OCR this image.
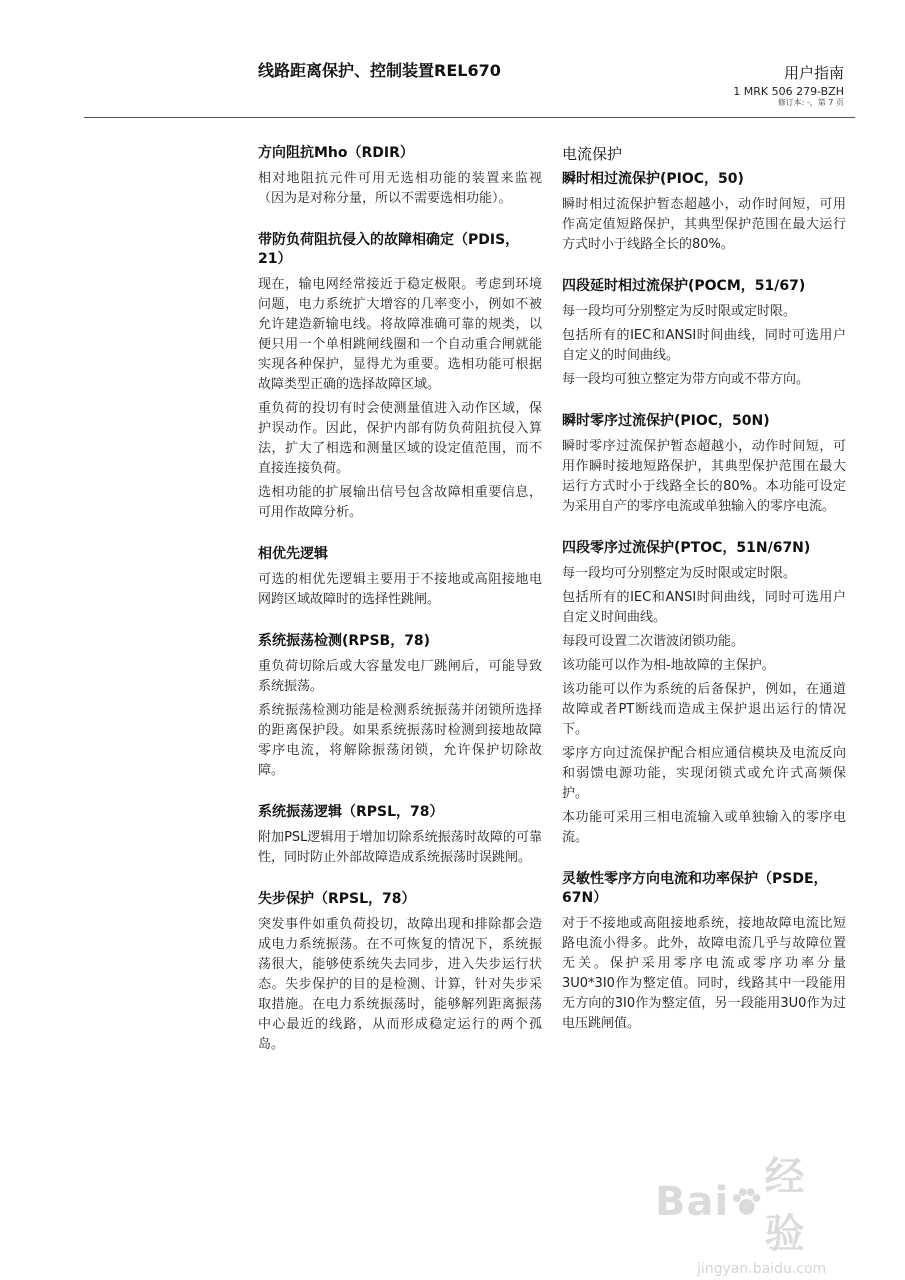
线路距离保护、控制装置REL670	用户指南
1 MRK 506 279-BZH
修订本: -，第 7 页
方向阻抗Mho（RDIR）

相对地阻抗元件可用无选相功能的装置来监视（因为是对称分量，所以不需要选相功能）。

带防负荷阻抗侵入的故障相确定（PDIS，21）

现在，输电网经常接近于稳定极限。考虑到环境问题，电力系统扩大增容的几率变小，例如不被允许建造新输电线。将故障准确可靠的规类，以便只用一个单相跳闸线圈和一个自动重合闸就能实现各种保护，显得尤为重要。选相功能可根据故障类型正确的选择故障区域。

重负荷的投切有时会使测量值进入动作区域，保护误动作。因此，保护内部有防负荷阻抗侵入算法，扩大了相选和测量区域的设定值范围，而不直接连接负荷。

选相功能的扩展输出信号包含故障相重要信息，可用作故障分析。

相优先逻辑

可选的相优先逻辑主要用于不接地或高阻接地电网跨区域故障时的选择性跳闸。

系统振荡检测(RPSB，78)

重负荷切除后或大容量发电厂跳闸后，可能导致系统振荡。

系统振荡检测功能是检测系统振荡并闭锁所选择的距离保护段。如果系统振荡时检测到接地故障零序电流，将解除振荡闭锁，允许保护切除故障。

系统振荡逻辑（RPSL，78）

附加PSL逻辑用于增加切除系统振荡时故障的可靠性，同时防止外部故障造成系统振荡时误跳闸。

失步保护（RPSL，78）

突发事件如重负荷投切，故障出现和排除都会造成电力系统振荡。在不可恢复的情况下，系统振荡很大，能够使系统失去同步，进入失步运行状态。失步保护的目的是检测、计算，针对失步采取措施。在电力系统振荡时，能够解列距离振荡中心最近的线路，从而形成稳定运行的两个孤岛。

电流保护
瞬时相过流保护(PIOC，50)

瞬时相过流保护暂态超越小，动作时间短，可用作高定值短路保护，其典型保护范围在最大运行方式时小于线路全长的80%。

四段延时相过流保护(POCM，51/67)

每一段均可分别整定为反时限或定时限。

包括所有的IEC和ANSI时间曲线，同时可选用户自定义的时间曲线。

每一段均可独立整定为带方向或不带方向。

瞬时零序过流保护(PIOC，50N)

瞬时零序过流保护暂态超越小，动作时间短，可用作瞬时接地短路保护，其典型保护范围在最大运行方式时小于线路全长的80%。本功能可设定为采用自产的零序电流或单独输入的零序电流。

四段零序过流保护(PTOC，51N/67N)

每一段均可分别整定为反时限或定时限。

包括所有的IEC和ANSI时间曲线，同时可选用户自定义时间曲线。

每段可设置二次谐波闭锁功能。

该功能可以作为相-地故障的主保护。

该功能可以作为系统的后备保护，例如，在通道故障或者PT断线而造成主保护退出运行的情况下。

零序方向过流保护配合相应通信模块及电流反向和弱馈电源功能，实现闭锁式或允许式高频保护。

本功能可采用三相电流输入或单独输入的零序电流。

灵敏性零序方向电流和功率保护（PSDE，67N）

对于不接地或高阻接地系统，接地故障电流比短路电流小得多。此外，故障电流几乎与故障位置无关。保护采用零序电流或零序功率分量3U0*3I0作为整定值。同时，线路其中一段能用无方向的3I0作为整定值，另一段能用3U0作为过电压跳闸值。

Bai
经验
jingyan.baidu.com
